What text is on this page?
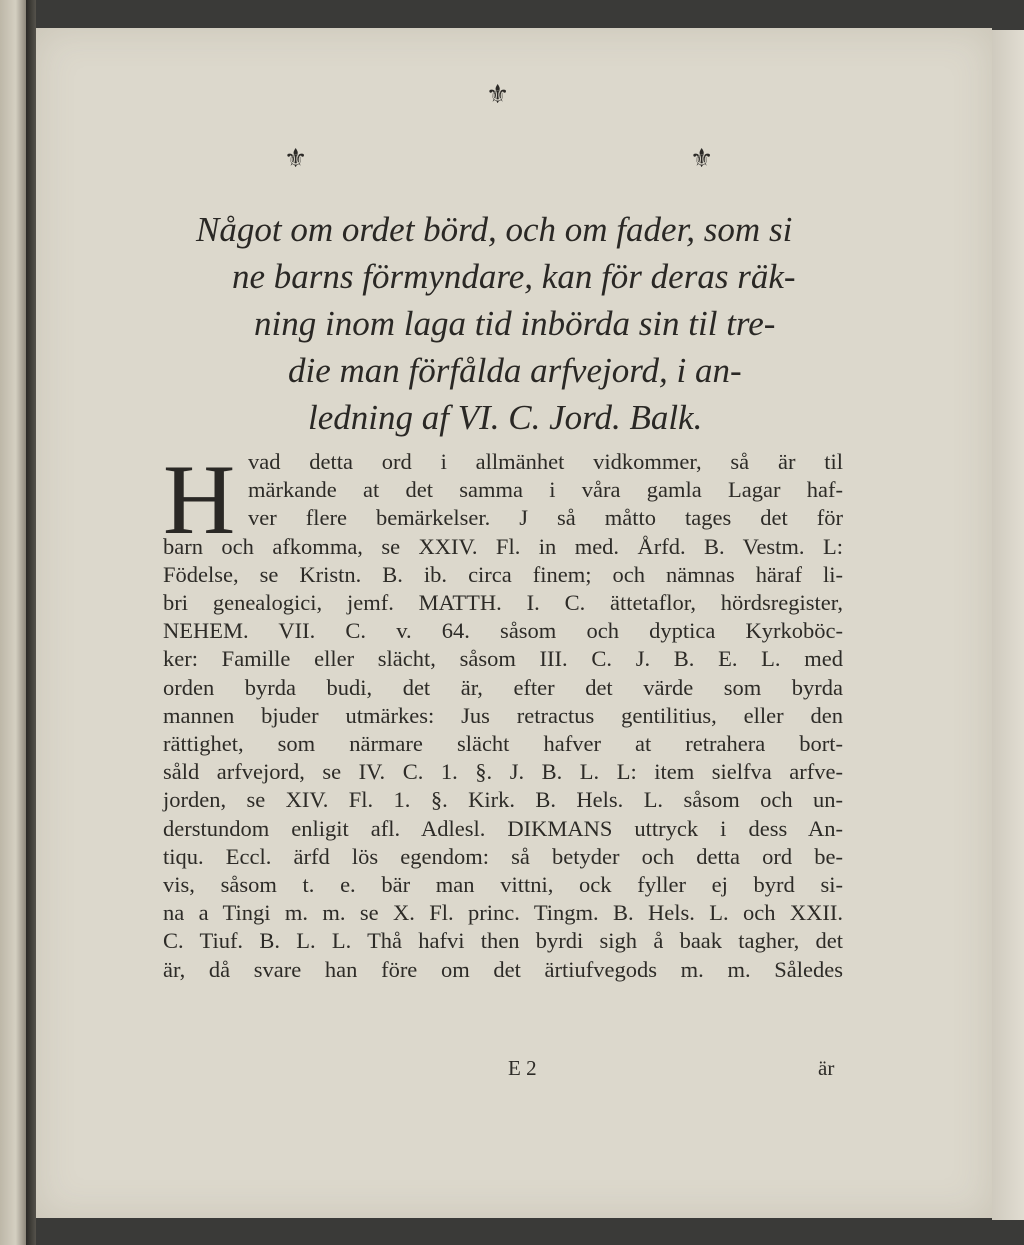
⚜
⚜	⚜
Något om ordet börd, och om fader, som si
ne barns förmyndare, kan för deras räk-
ning inom laga tid inbörda sin til tre-
die man förfålda arfvejord, i an-
ledning af VI. C. Jord. Balk.
H vad detta ord i allmänhet vidkommer, så är til
märkande at det samma i våra gamla Lagar haf-
ver flere bemärkelser. J så måtto tages det för
barn och afkomma, se XXIV. Fl. in med. Årfd. B. Vestm. L:
Födelse, se Kristn. B. ib. circa finem; och nämnas häraf li-
bri genealogici, jemf. MATTH. I. C. ättetaflor, hördsregister,
NEHEM. VII. C. v. 64. såsom och dyptica Kyrkoböc-
ker: Famille eller slächt, såsom III. C. J. B. E. L. med
orden byrda budi, det är, efter det värde som byrda
mannen bjuder utmärkes: Jus retractus gentilitius, eller den
rättighet, som närmare slächt hafver at retrahera bort-
såld arfvejord, se IV. C. 1. §. J. B. L. L: item sielfva arfve-
jorden, se XIV. Fl. 1. §. Kirk. B. Hels. L. såsom och un-
derstundom enligit afl. Adlesl. DIKMANS uttryck i dess An-
tiqu. Eccl. ärfd lös egendom: så betyder och detta ord be-
vis, såsom t. e. bär man vittni, ock fyller ej byrd si-
na a Tingi m. m. se X. Fl. princ. Tingm. B. Hels. L. och XXII.
C. Tiuf. B. L. L. Thå hafvi then byrdi sigh å baak tagher, det
är, då svare han före om det ärtiufvegods m. m. Således
E 2	är
